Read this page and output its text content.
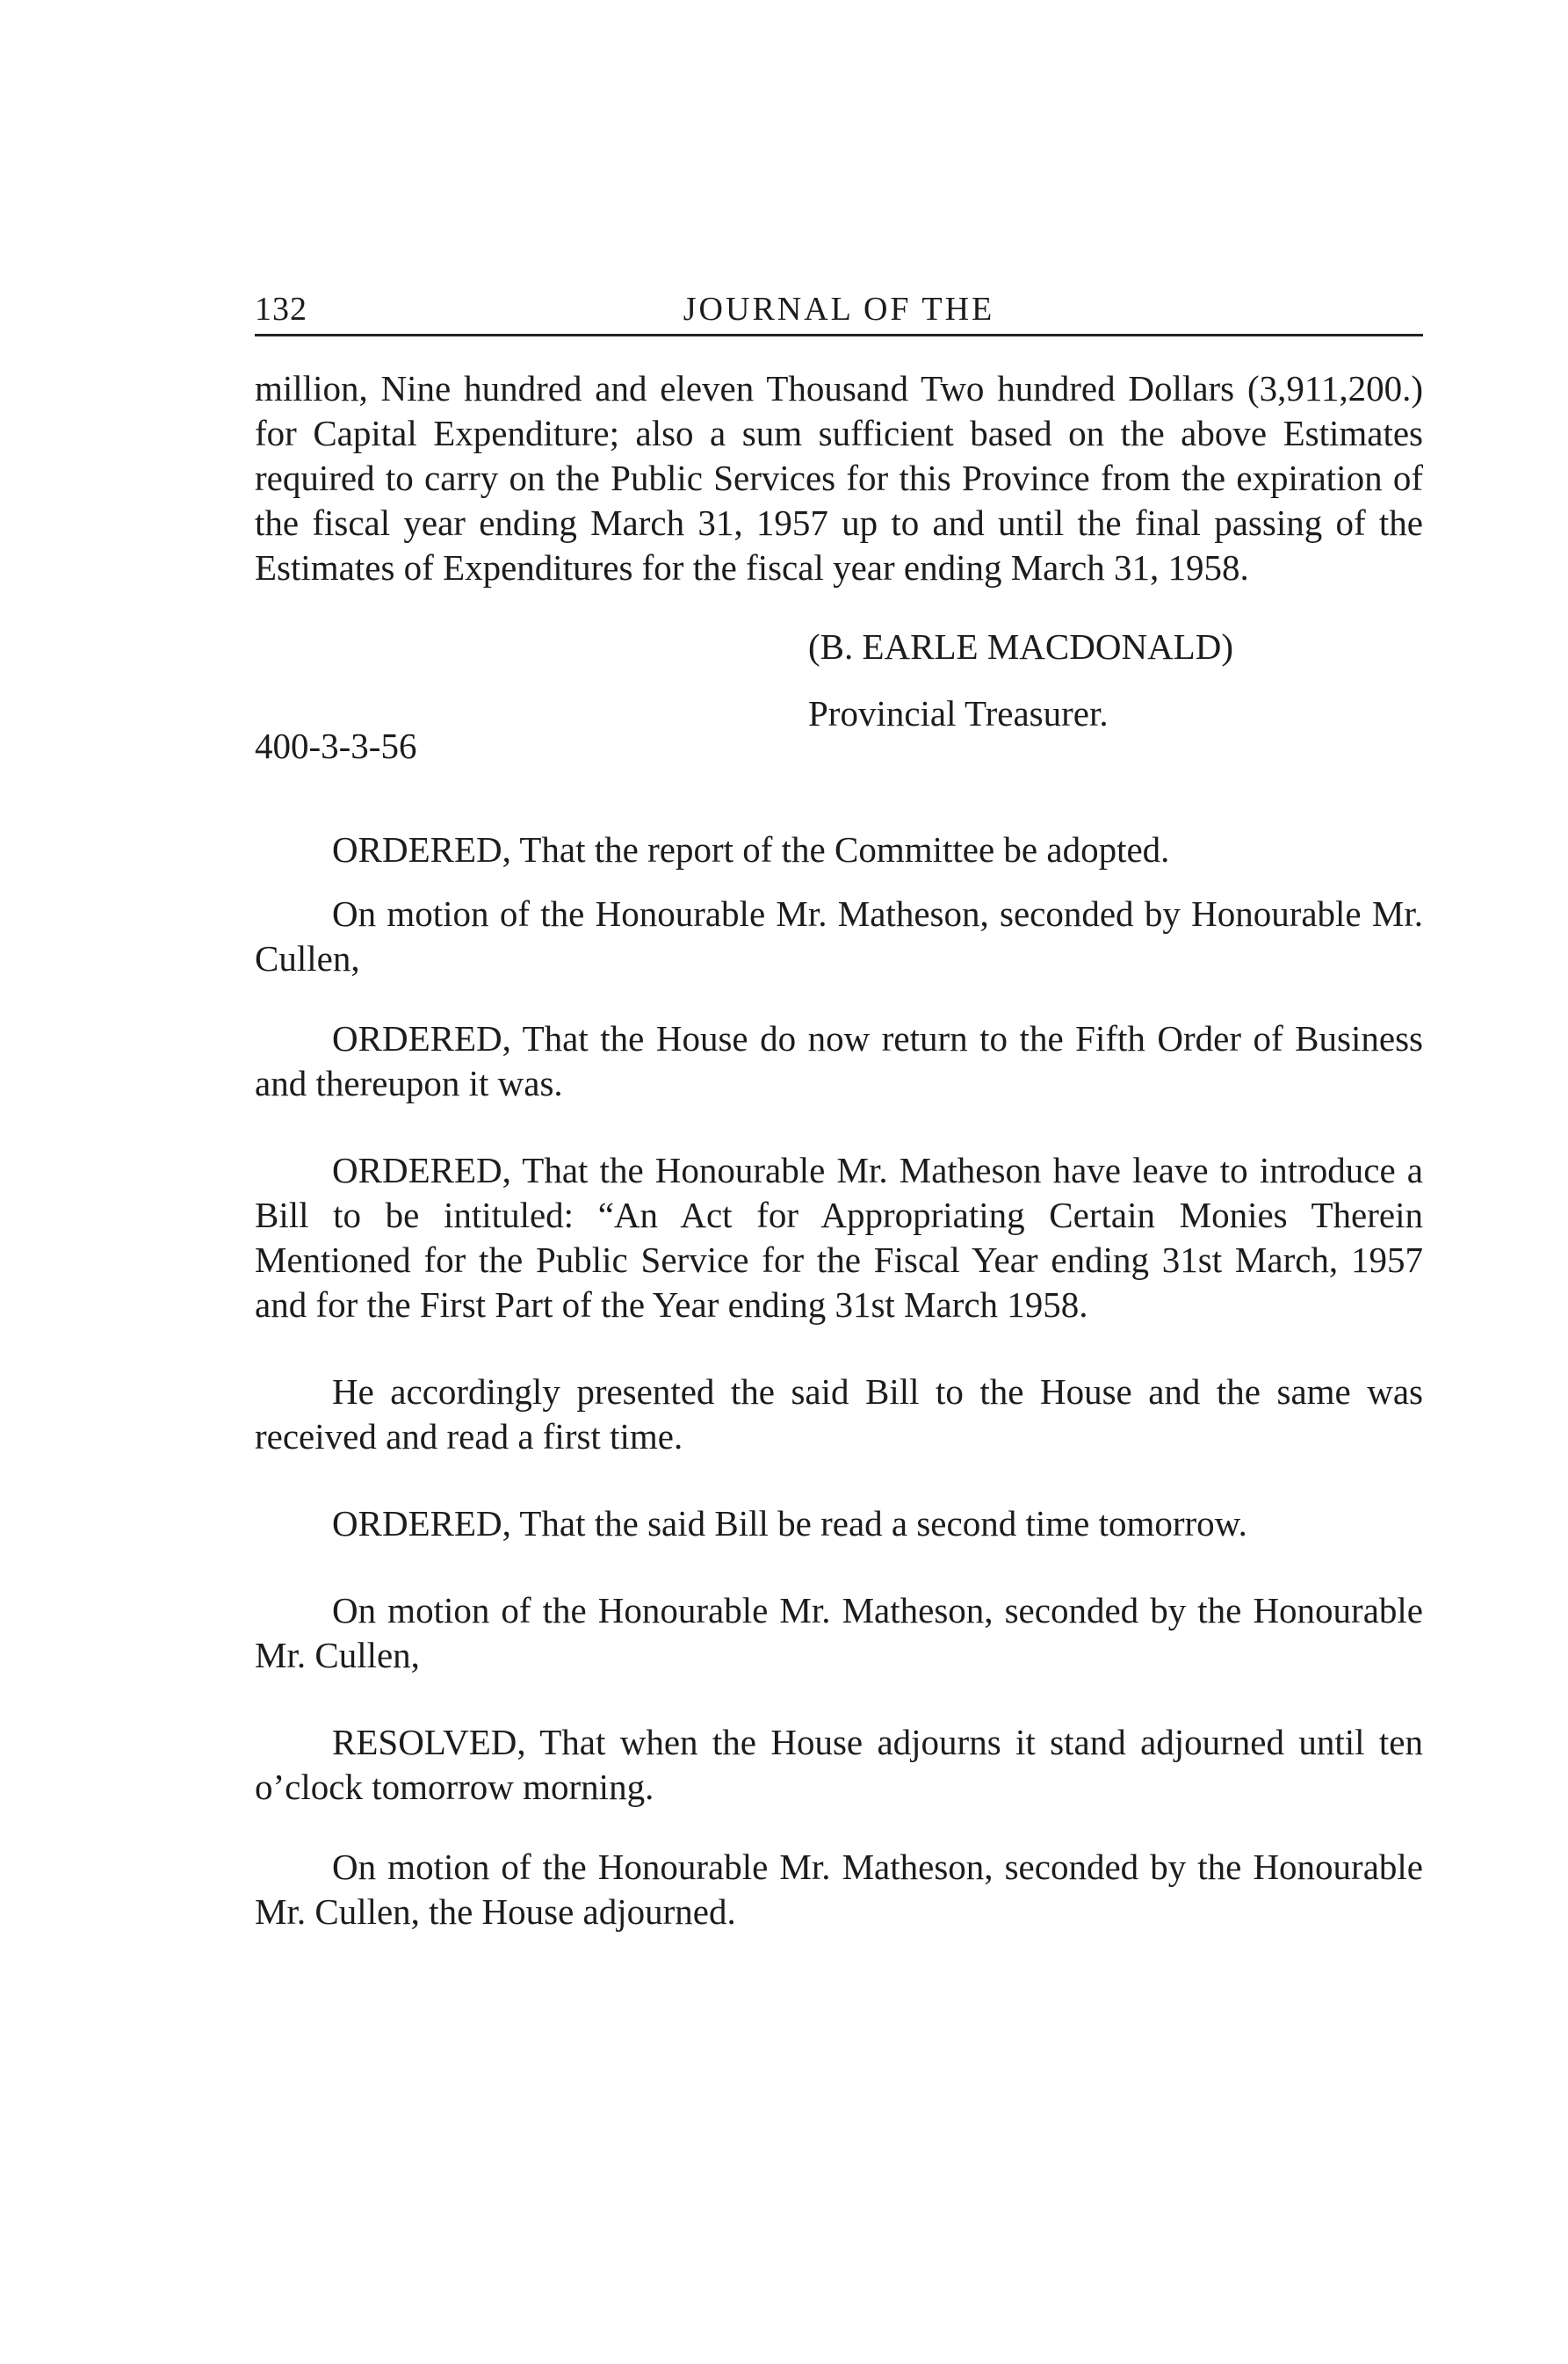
132	JOURNAL OF THE

million, Nine hundred and eleven Thousand Two hundred Dollars (3,911,200.) for Capital Expenditure; also a sum sufficient based on the above Estimates required to carry on the Public Services for this Province from the expiration of the fiscal year ending March 31, 1957 up to and until the final passing of the Estimates of Expenditures for the fiscal year ending March 31, 1958.

(B. EARLE MACDONALD)
Provincial Treasurer.
400-3-3-56

ORDERED, That the report of the Committee be adopted.

On motion of the Honourable Mr. Matheson, seconded by Honourable Mr. Cullen,

ORDERED, That the House do now return to the Fifth Order of Business and thereupon it was.

ORDERED, That the Honourable Mr. Matheson have leave to introduce a Bill to be intituled: “An Act for Appropriating Certain Monies Therein Mentioned for the Public Service for the Fiscal Year ending 31st March, 1957 and for the First Part of the Year ending 31st March 1958.

He accordingly presented the said Bill to the House and the same was received and read a first time.

ORDERED, That the said Bill be read a second time tomorrow.

On motion of the Honourable Mr. Matheson, seconded by the Honourable Mr. Cullen,

RESOLVED, That when the House adjourns it stand adjourned until ten o’clock tomorrow morning.

On motion of the Honourable Mr. Matheson, seconded by the Honourable Mr. Cullen, the House adjourned.
